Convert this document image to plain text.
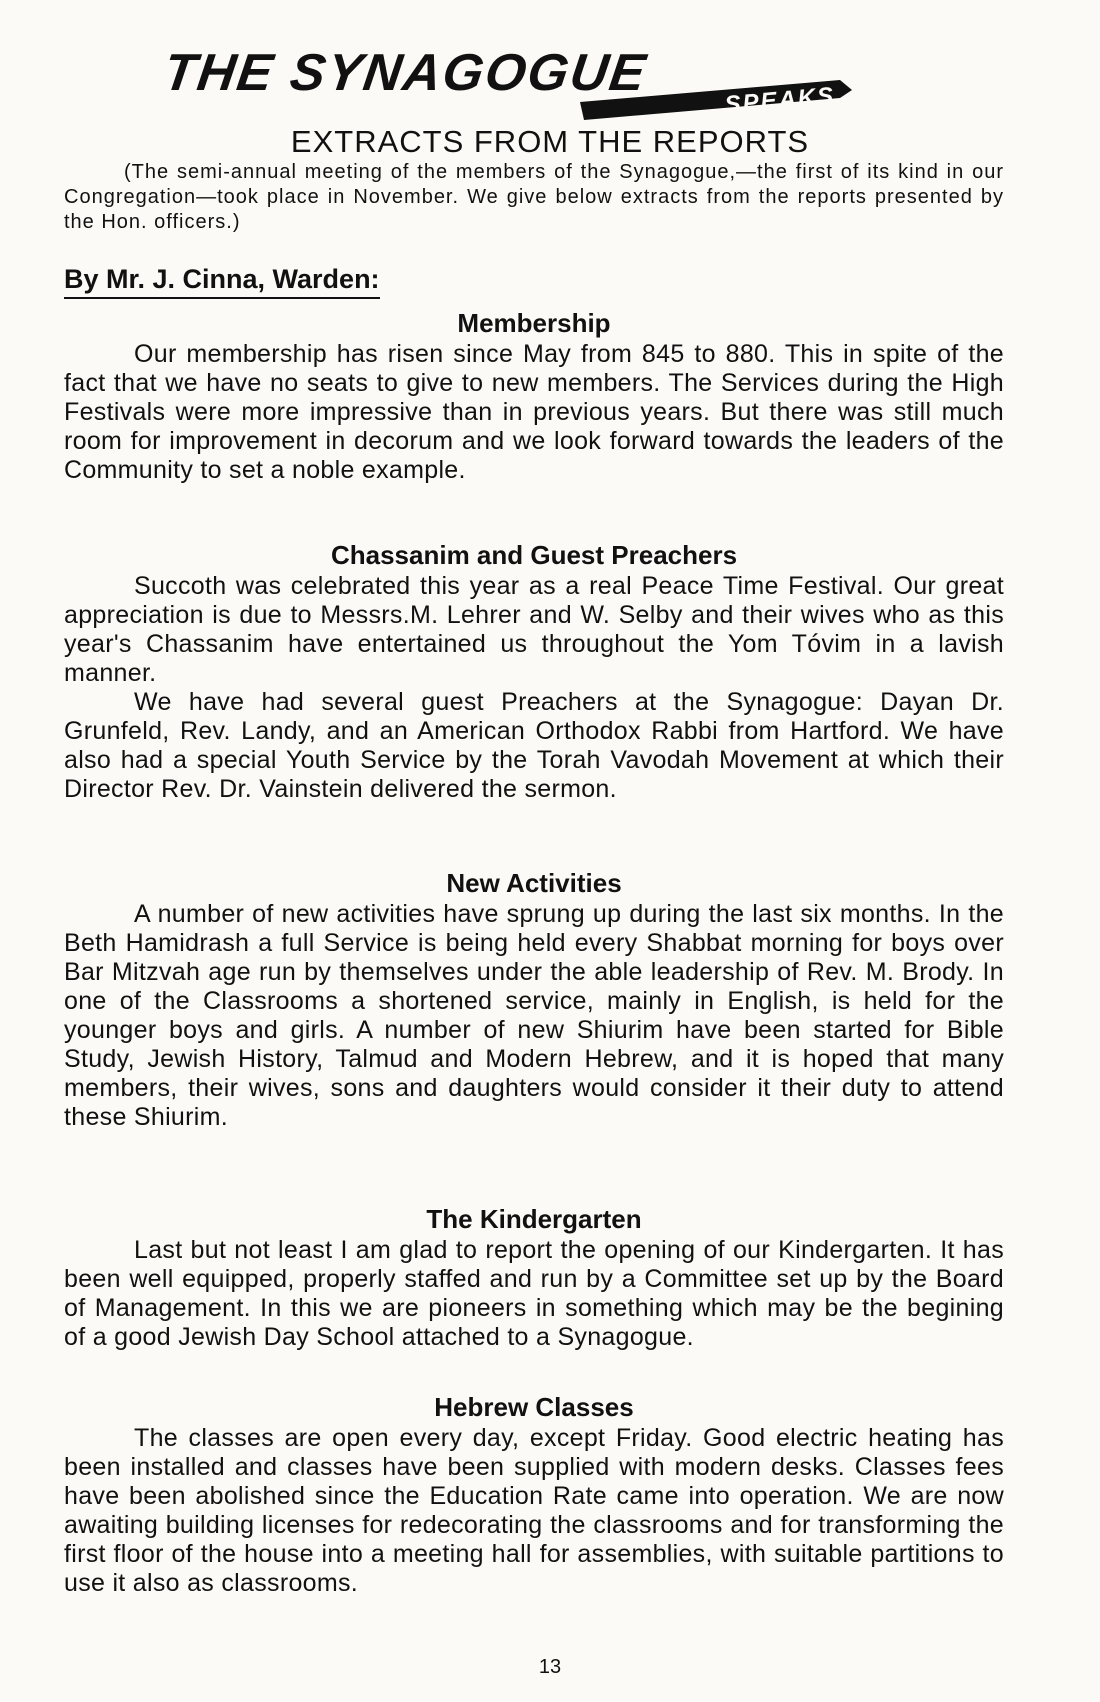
THE SYNAGOGUE	SPEAKS
EXTRACTS FROM THE REPORTS
(The semi-annual meeting of the members of the Synagogue,—the first of its kind in our Congregation—took place in November. We give below extracts from the reports presented by the Hon. officers.)
By Mr. J. Cinna, Warden:
Membership

Our membership has risen since May from 845 to 880. This in spite of the fact that we have no seats to give to new members. The Services during the High Festivals were more impressive than in previous years. But there was still much room for improvement in decorum and we look forward towards the leaders of the Community to set a noble example.

Chassanim and Guest Preachers

Succoth was celebrated this year as a real Peace Time Festival. Our great appreciation is due to Messrs.M. Lehrer and W. Selby and their wives who as this year's Chassanim have entertained us throughout the Yom Tóvim in a lavish manner.

We have had several guest Preachers at the Synagogue: Dayan Dr. Grunfeld, Rev. Landy, and an American Orthodox Rabbi from Hartford. We have also had a special Youth Service by the Torah Vavodah Movement at which their Director Rev. Dr. Vainstein delivered the sermon.

New Activities

A number of new activities have sprung up during the last six months. In the Beth Hamidrash a full Service is being held every Shabbat morning for boys over Bar Mitzvah age run by themselves under the able leadership of Rev. M. Brody. In one of the Classrooms a shortened service, mainly in English, is held for the younger boys and girls. A number of new Shiurim have been started for Bible Study, Jewish History, Talmud and Modern Hebrew, and it is hoped that many members, their wives, sons and daughters would consider it their duty to attend these Shiurim.

The Kindergarten

Last but not least I am glad to report the opening of our Kindergarten. It has been well equipped, properly staffed and run by a Committee set up by the Board of Management. In this we are pioneers in something which may be the begining of a good Jewish Day School attached to a Synagogue.

Hebrew Classes

The classes are open every day, except Friday. Good electric heating has been installed and classes have been supplied with modern desks. Classes fees have been abolished since the Education Rate came into operation. We are now awaiting building licenses for redecorating the classrooms and for transforming the first floor of the house into a meeting hall for assemblies, with suitable partitions to use it also as classrooms.

13
